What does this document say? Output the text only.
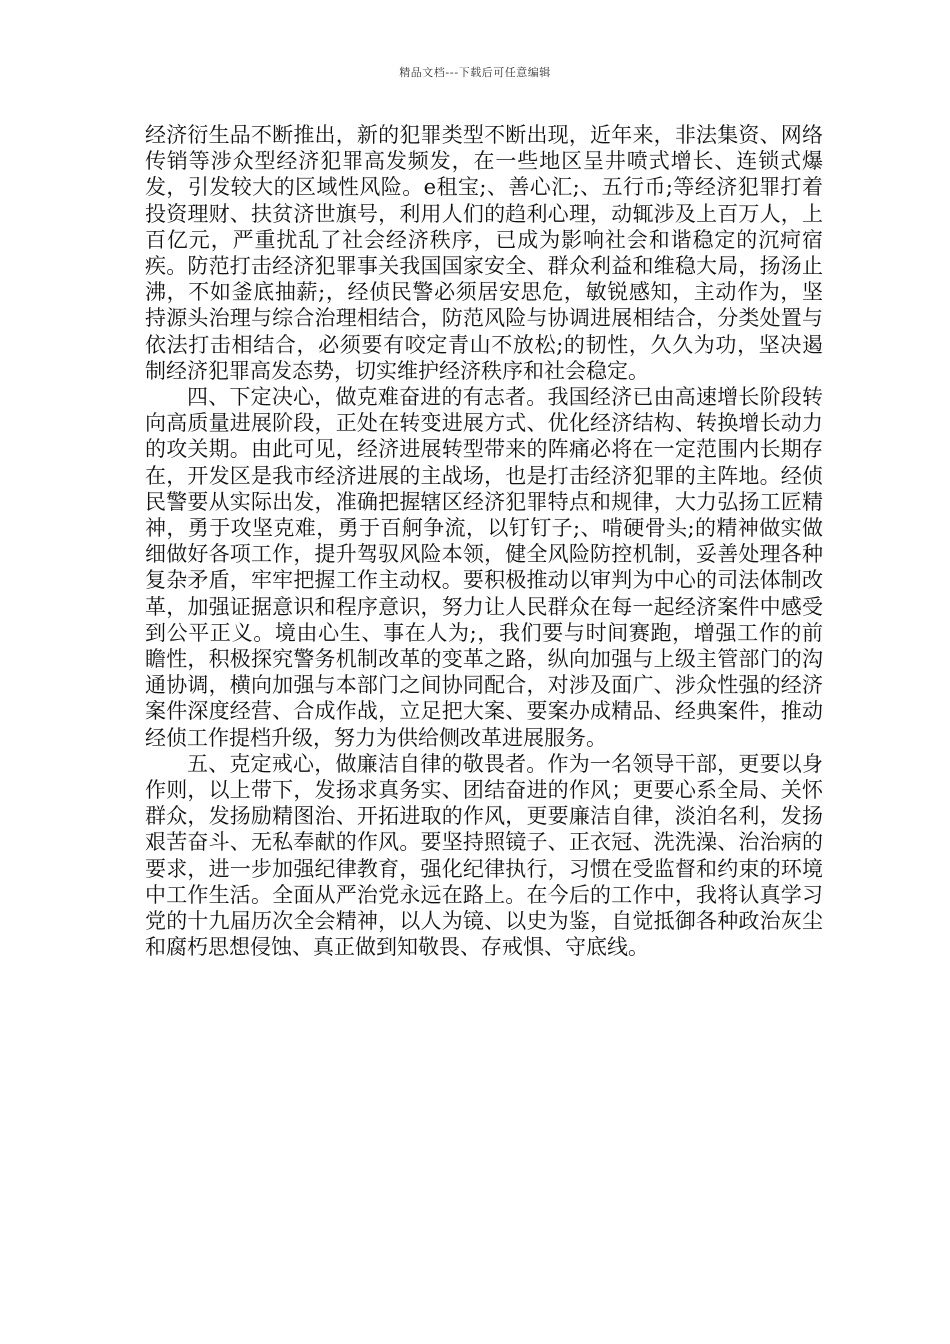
精品文档---下载后可任意编辑

经济衍生品不断推出，新的犯罪类型不断出现，近年来，非法集资、网络传销等涉众型经济犯罪高发频发，在一些地区呈井喷式增长、连锁式爆发，引发较大的区域性风险。e租宝;、善心汇;、五行币;等经济犯罪打着投资理财、扶贫济世旗号，利用人们的趋利心理，动辄涉及上百万人，上百亿元，严重扰乱了社会经济秩序，已成为影响社会和谐稳定的沉疴宿疾。防范打击经济犯罪事关我国国家安全、群众利益和维稳大局，扬汤止沸，不如釜底抽薪;，经侦民警必须居安思危，敏锐感知，主动作为，坚持源头治理与综合治理相结合，防范风险与协调进展相结合，分类处置与依法打击相结合，必须要有咬定青山不放松;的韧性，久久为功，坚决遏制经济犯罪高发态势，切实维护经济秩序和社会稳定。

四、下定决心，做克难奋进的有志者。我国经济已由高速增长阶段转向高质量进展阶段，正处在转变进展方式、优化经济结构、转换增长动力的攻关期。由此可见，经济进展转型带来的阵痛必将在一定范围内长期存在，开发区是我市经济进展的主战场，也是打击经济犯罪的主阵地。经侦民警要从实际出发，准确把握辖区经济犯罪特点和规律，大力弘扬工匠精神，勇于攻坚克难，勇于百舸争流，以钉钉子;、啃硬骨头;的精神做实做细做好各项工作，提升驾驭风险本领，健全风险防控机制，妥善处理各种复杂矛盾，牢牢把握工作主动权。要积极推动以审判为中心的司法体制改革，加强证据意识和程序意识，努力让人民群众在每一起经济案件中感受到公平正义。境由心生、事在人为;，我们要与时间赛跑，增强工作的前瞻性，积极探究警务机制改革的变革之路，纵向加强与上级主管部门的沟通协调，横向加强与本部门之间协同配合，对涉及面广、涉众性强的经济案件深度经营、合成作战，立足把大案、要案办成精品、经典案件，推动经侦工作提档升级，努力为供给侧改革进展服务。

五、克定戒心，做廉洁自律的敬畏者。作为一名领导干部，更要以身作则，以上带下，发扬求真务实、团结奋进的作风；更要心系全局、关怀群众，发扬励精图治、开拓进取的作风，更要廉洁自律，淡泊名利，发扬艰苦奋斗、无私奉献的作风。要坚持照镜子、正衣冠、洗洗澡、治治病的要求，进一步加强纪律教育，强化纪律执行，习惯在受监督和约束的环境中工作生活。全面从严治党永远在路上。在今后的工作中，我将认真学习党的十九届历次全会精神，以人为镜、以史为鉴，自觉抵御各种政治灰尘和腐朽思想侵蚀、真正做到知敬畏、存戒惧、守底线。
